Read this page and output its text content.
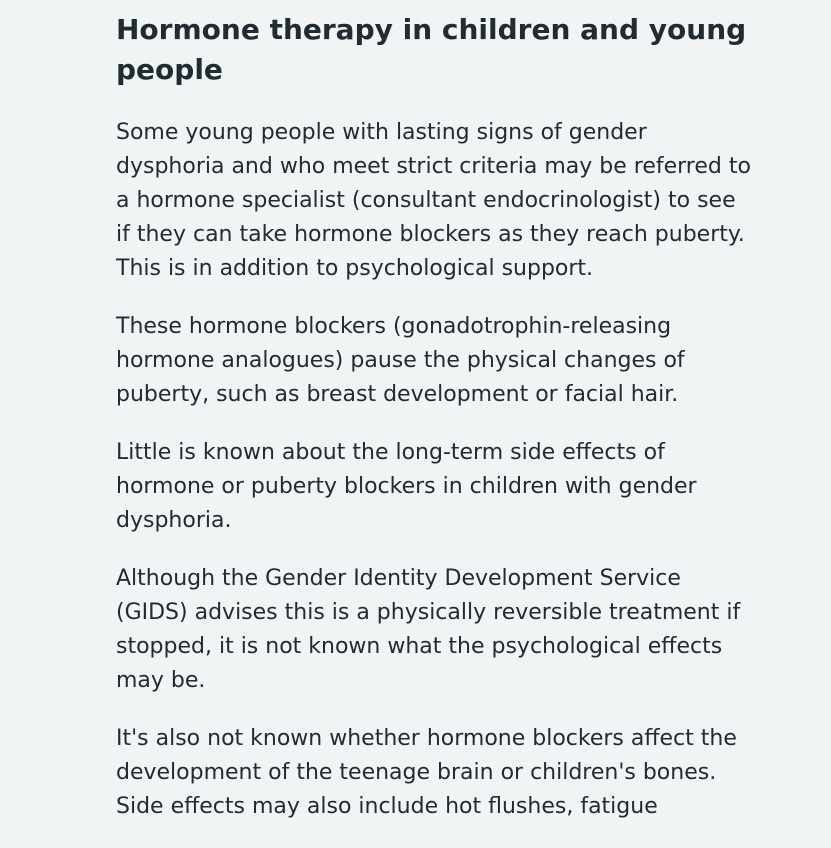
Hormone therapy in children and young people

Some young people with lasting signs of gender dysphoria and who meet strict criteria may be referred to a hormone specialist (consultant endocrinologist) to see if they can take hormone blockers as they reach puberty. This is in addition to psychological support.

These hormone blockers (gonadotrophin-releasing hormone analogues) pause the physical changes of puberty, such as breast development or facial hair.

Little is known about the long-term side effects of hormone or puberty blockers in children with gender dysphoria.

Although the Gender Identity Development Service (GIDS) advises this is a physically reversible treatment if stopped, it is not known what the psychological effects may be.

It's also not known whether hormone blockers affect the development of the teenage brain or children's bones. Side effects may also include hot flushes, fatigue
